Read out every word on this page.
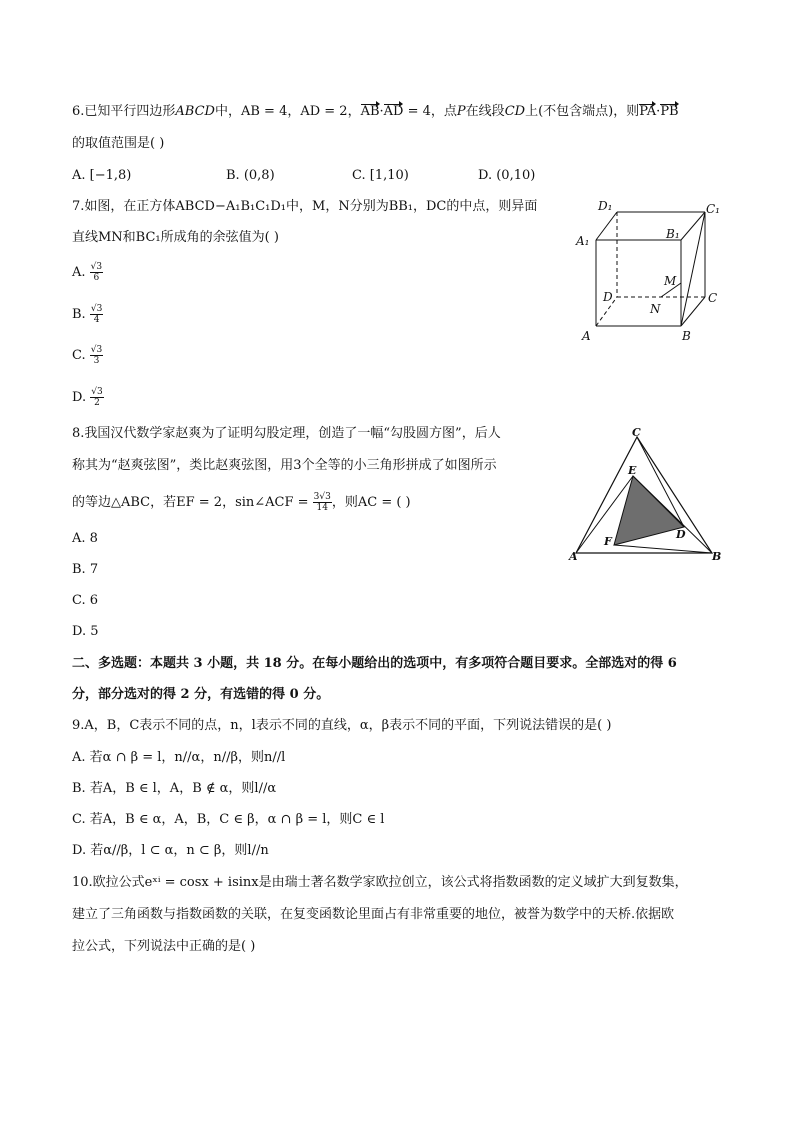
6.已知平行四边形ABCD中，AB = 4，AD = 2，AB·AD = 4，点P在线段CD上(不包含端点)，则PA·PB
的取值范围是( )
A. [−1,8)	B. (0,8)	C. [1,10)	D. (0,10)
7.如图，在正方体ABCD−A₁B₁C₁D₁中，M，N分别为BB₁，DC的中点，则异面
直线MN和BC₁所成角的余弦值为( )
A. $\frac{√3}{6}$
B. $\frac{√3}{4}$
C. $\frac{√3}{3}$
D. $\frac{√3}{2}$
D₁	C₁
A₁	B₁
M
D
N
C
A	B
8.我国汉代数学家赵爽为了证明勾股定理，创造了一幅“勾股圆方图”，后人
称其为“赵爽弦图”，类比赵爽弦图，用3个全等的小三角形拼成了如图所示
的等边△ABC，若EF = 2，sin∠ACF = $\frac{3√3}{14}$ ，则AC = ( )
A. 8
B. 7
C. 6
D. 5
C
E
F
D
A	B
二、多选题：本题共 3 小题，共 18 分。在每小题给出的选项中，有多项符合题目要求。全部选对的得 6
分，部分选对的得 2 分，有选错的得 0 分。
9.A，B，C表示不同的点，n，l表示不同的直线，α，β表示不同的平面，下列说法错误的是( )
A. 若α ∩ β = l，n//α，n//β，则n//l
B. 若A，B ∈ l，A，B ∉ α，则l//α
C. 若A，B ∈ α，A，B，C ∈ β，α ∩ β = l，则C ∈ l
D. 若α//β，l ⊂ α，n ⊂ β，则l//n
10.欧拉公式eˣⁱ = cosx + isinx是由瑞士著名数学家欧拉创立，该公式将指数函数的定义域扩大到复数集，
建立了三角函数与指数函数的关联，在复变函数论里面占有非常重要的地位，被誉为数学中的天桥.依据欧
拉公式，下列说法中正确的是( )
